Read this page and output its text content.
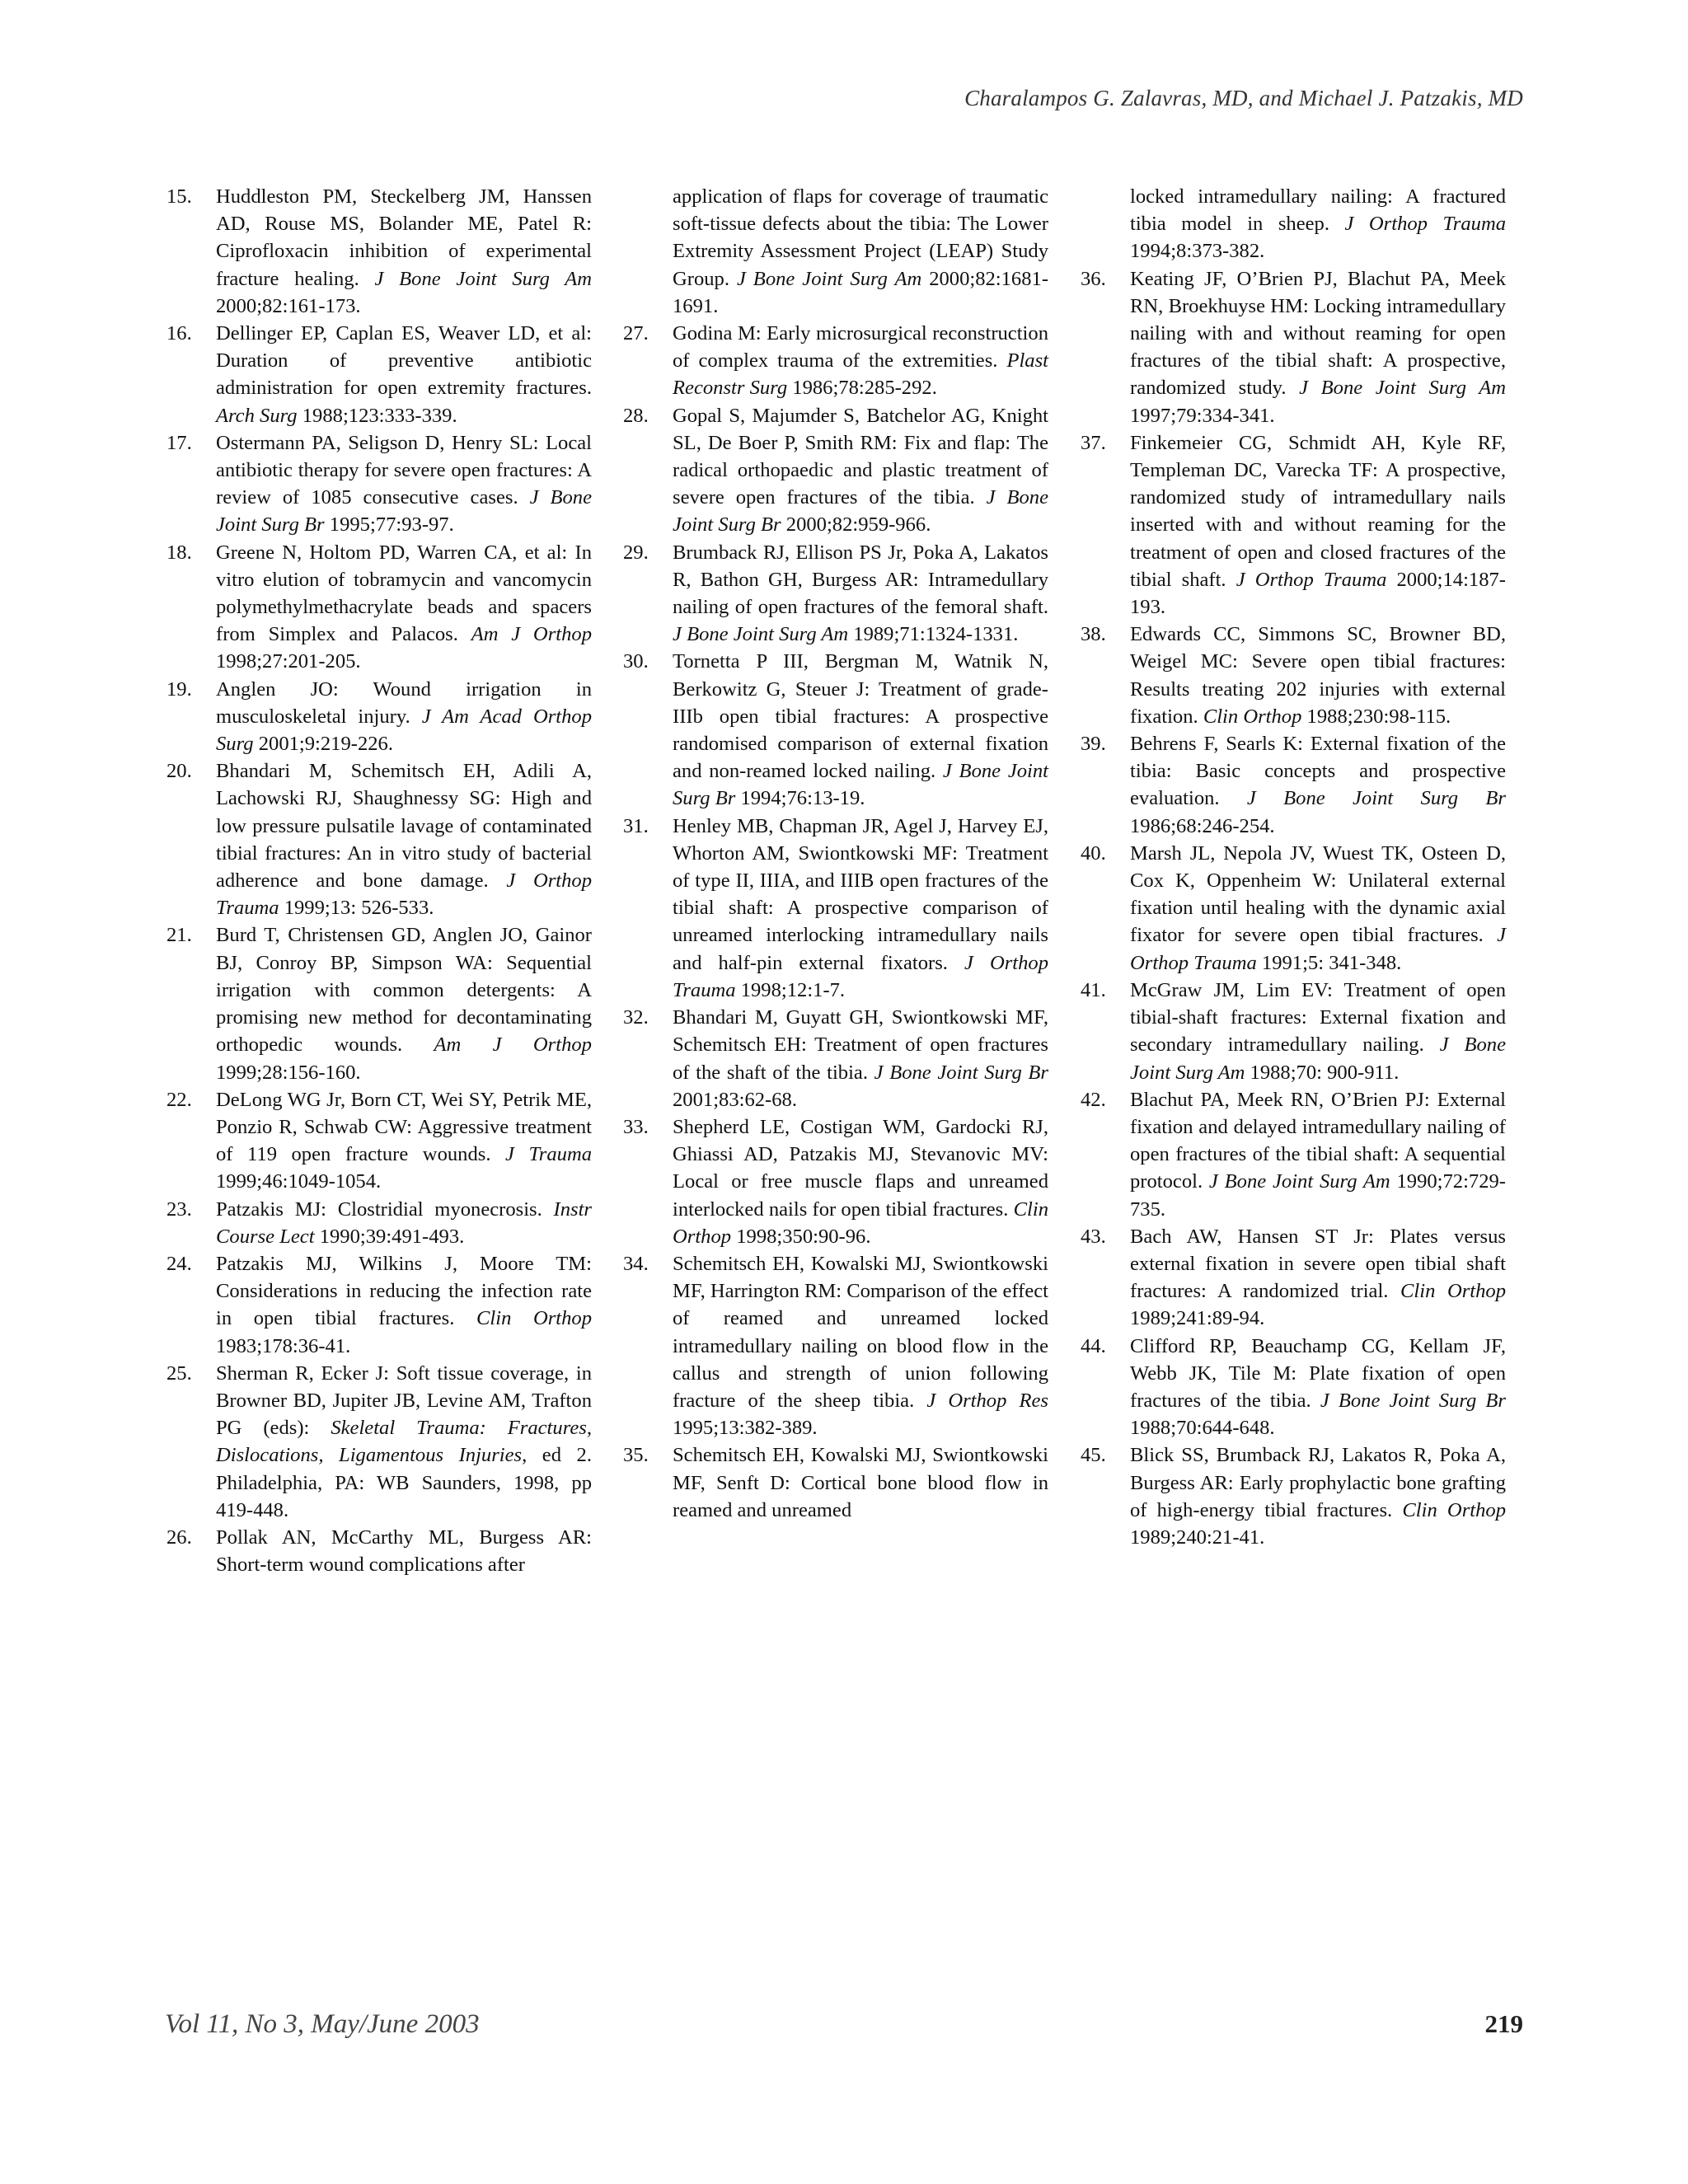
Charalampos G. Zalavras, MD, and Michael J. Patzakis, MD
15.	Huddleston PM, Steckelberg JM, Hanssen AD, Rouse MS, Bolander ME, Patel R: Ciprofloxacin inhibition of experimental fracture healing. J Bone Joint Surg Am 2000;82:161-173.
16.	Dellinger EP, Caplan ES, Weaver LD, et al: Duration of preventive antibiotic administration for open extremity fractures. Arch Surg 1988;123:333-339.
17.	Ostermann PA, Seligson D, Henry SL: Local antibiotic therapy for severe open fractures: A review of 1085 consecutive cases. J Bone Joint Surg Br 1995;77:93-97.
18.	Greene N, Holtom PD, Warren CA, et al: In vitro elution of tobramycin and vancomycin polymethylmethacrylate beads and spacers from Simplex and Palacos. Am J Orthop 1998;27:201-205.
19.	Anglen JO: Wound irrigation in musculoskeletal injury. J Am Acad Orthop Surg 2001;9:219-226.
20.	Bhandari M, Schemitsch EH, Adili A, Lachowski RJ, Shaughnessy SG: High and low pressure pulsatile lavage of contaminated tibial fractures: An in vitro study of bacterial adherence and bone damage. J Orthop Trauma 1999;13: 526-533.
21.	Burd T, Christensen GD, Anglen JO, Gainor BJ, Conroy BP, Simpson WA: Sequential irrigation with common detergents: A promising new method for decontaminating orthopedic wounds. Am J Orthop 1999;28:156-160.
22.	DeLong WG Jr, Born CT, Wei SY, Petrik ME, Ponzio R, Schwab CW: Aggressive treatment of 119 open fracture wounds. J Trauma 1999;46:1049-1054.
23.	Patzakis MJ: Clostridial myonecrosis. Instr Course Lect 1990;39:491-493.
24.	Patzakis MJ, Wilkins J, Moore TM: Considerations in reducing the infection rate in open tibial fractures. Clin Orthop 1983;178:36-41.
25.	Sherman R, Ecker J: Soft tissue coverage, in Browner BD, Jupiter JB, Levine AM, Trafton PG (eds): Skeletal Trauma: Fractures, Dislocations, Ligamentous Injuries, ed 2. Philadelphia, PA: WB Saunders, 1998, pp 419-448.
26.	Pollak AN, McCarthy ML, Burgess AR: Short-term wound complications after
application of flaps for coverage of traumatic soft-tissue defects about the tibia: The Lower Extremity Assessment Project (LEAP) Study Group. J Bone Joint Surg Am 2000;82:1681-1691.
27.	Godina M: Early microsurgical reconstruction of complex trauma of the extremities. Plast Reconstr Surg 1986;78:285-292.
28.	Gopal S, Majumder S, Batchelor AG, Knight SL, De Boer P, Smith RM: Fix and flap: The radical orthopaedic and plastic treatment of severe open fractures of the tibia. J Bone Joint Surg Br 2000;82:959-966.
29.	Brumback RJ, Ellison PS Jr, Poka A, Lakatos R, Bathon GH, Burgess AR: Intramedullary nailing of open fractures of the femoral shaft. J Bone Joint Surg Am 1989;71:1324-1331.
30.	Tornetta P III, Bergman M, Watnik N, Berkowitz G, Steuer J: Treatment of grade-IIIb open tibial fractures: A prospective randomised comparison of external fixation and non-reamed locked nailing. J Bone Joint Surg Br 1994;76:13-19.
31.	Henley MB, Chapman JR, Agel J, Harvey EJ, Whorton AM, Swiontkowski MF: Treatment of type II, IIIA, and IIIB open fractures of the tibial shaft: A prospective comparison of unreamed interlocking intramedullary nails and half-pin external fixators. J Orthop Trauma 1998;12:1-7.
32.	Bhandari M, Guyatt GH, Swiontkowski MF, Schemitsch EH: Treatment of open fractures of the shaft of the tibia. J Bone Joint Surg Br 2001;83:62-68.
33.	Shepherd LE, Costigan WM, Gardocki RJ, Ghiassi AD, Patzakis MJ, Stevanovic MV: Local or free muscle flaps and unreamed interlocked nails for open tibial fractures. Clin Orthop 1998;350:90-96.
34.	Schemitsch EH, Kowalski MJ, Swiontkowski MF, Harrington RM: Comparison of the effect of reamed and unreamed locked intramedullary nailing on blood flow in the callus and strength of union following fracture of the sheep tibia. J Orthop Res 1995;13:382-389.
35.	Schemitsch EH, Kowalski MJ, Swiontkowski MF, Senft D: Cortical bone blood flow in reamed and unreamed
locked intramedullary nailing: A fractured tibia model in sheep. J Orthop Trauma 1994;8:373-382.
36.	Keating JF, O’Brien PJ, Blachut PA, Meek RN, Broekhuyse HM: Locking intramedullary nailing with and without reaming for open fractures of the tibial shaft: A prospective, randomized study. J Bone Joint Surg Am 1997;79:334-341.
37.	Finkemeier CG, Schmidt AH, Kyle RF, Templeman DC, Varecka TF: A prospective, randomized study of intramedullary nails inserted with and without reaming for the treatment of open and closed fractures of the tibial shaft. J Orthop Trauma 2000;14:187-193.
38.	Edwards CC, Simmons SC, Browner BD, Weigel MC: Severe open tibial fractures: Results treating 202 injuries with external fixation. Clin Orthop 1988;230:98-115.
39.	Behrens F, Searls K: External fixation of the tibia: Basic concepts and prospective evaluation. J Bone Joint Surg Br 1986;68:246-254.
40.	Marsh JL, Nepola JV, Wuest TK, Osteen D, Cox K, Oppenheim W: Unilateral external fixation until healing with the dynamic axial fixator for severe open tibial fractures. J Orthop Trauma 1991;5: 341-348.
41.	McGraw JM, Lim EV: Treatment of open tibial-shaft fractures: External fixation and secondary intramedullary nailing. J Bone Joint Surg Am 1988;70: 900-911.
42.	Blachut PA, Meek RN, O’Brien PJ: External fixation and delayed intramedullary nailing of open fractures of the tibial shaft: A sequential protocol. J Bone Joint Surg Am 1990;72:729-735.
43.	Bach AW, Hansen ST Jr: Plates versus external fixation in severe open tibial shaft fractures: A randomized trial. Clin Orthop 1989;241:89-94.
44.	Clifford RP, Beauchamp CG, Kellam JF, Webb JK, Tile M: Plate fixation of open fractures of the tibia. J Bone Joint Surg Br 1988;70:644-648.
45.	Blick SS, Brumback RJ, Lakatos R, Poka A, Burgess AR: Early prophylactic bone grafting of high-energy tibial fractures. Clin Orthop 1989;240:21-41.
Vol 11, No 3, May/June 2003	219
